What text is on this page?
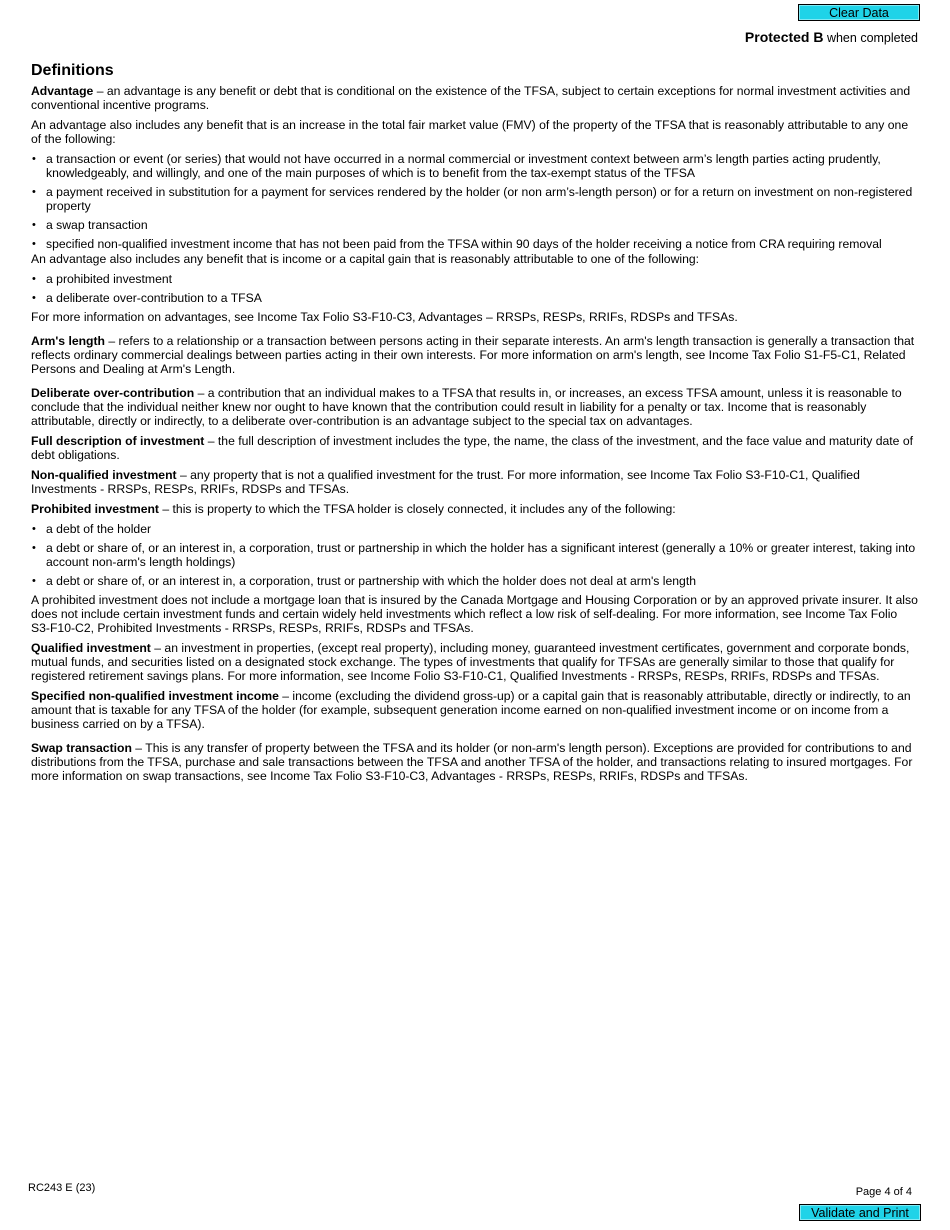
Clear Data
Protected B when completed
Definitions

Advantage – an advantage is any benefit or debt that is conditional on the existence of the TFSA, subject to certain exceptions for normal investment activities and conventional incentive programs.

An advantage also includes any benefit that is an increase in the total fair market value (FMV) of the property of the TFSA that is reasonably attributable to any one of the following:

• a transaction or event (or series) that would not have occurred in a normal commercial or investment context between arm’s length parties acting prudently, knowledgeably, and willingly, and one of the main purposes of which is to benefit from the tax-exempt status of the TFSA
• a payment received in substitution for a payment for services rendered by the holder (or non arm’s-length person) or for a return on investment on non-registered property
• a swap transaction
• specified non-qualified investment income that has not been paid from the TFSA within 90 days of the holder receiving a notice from CRA requiring removal

An advantage also includes any benefit that is income or a capital gain that is reasonably attributable to one of the following:

• a prohibited investment
• a deliberate over-contribution to a TFSA

For more information on advantages, see Income Tax Folio S3-F10-C3, Advantages – RRSPs, RESPs, RRIFs, RDSPs and TFSAs.

Arm's length – refers to a relationship or a transaction between persons acting in their separate interests. An arm's length transaction is generally a transaction that reflects ordinary commercial dealings between parties acting in their own interests. For more information on arm's length, see Income Tax Folio S1-F5-C1, Related Persons and Dealing at Arm's Length.

Deliberate over-contribution – a contribution that an individual makes to a TFSA that results in, or increases, an excess TFSA amount, unless it is reasonable to conclude that the individual neither knew nor ought to have known that the contribution could result in liability for a penalty or tax. Income that is reasonably attributable, directly or indirectly, to a deliberate over-contribution is an advantage subject to the special tax on advantages.

Full description of investment – the full description of investment includes the type, the name, the class of the investment, and the face value and maturity date of debt obligations.

Non-qualified investment – any property that is not a qualified investment for the trust. For more information, see Income Tax Folio S3-F10-C1, Qualified Investments - RRSPs, RESPs, RRIFs, RDSPs and TFSAs.

Prohibited investment – this is property to which the TFSA holder is closely connected, it includes any of the following:

• a debt of the holder
• a debt or share of, or an interest in, a corporation, trust or partnership in which the holder has a significant interest (generally a 10% or greater interest, taking into account non-arm's length holdings)
• a debt or share of, or an interest in, a corporation, trust or partnership with which the holder does not deal at arm's length

A prohibited investment does not include a mortgage loan that is insured by the Canada Mortgage and Housing Corporation or by an approved private insurer. It also does not include certain investment funds and certain widely held investments which reflect a low risk of self-dealing. For more information, see Income Tax Folio S3-F10-C2, Prohibited Investments - RRSPs, RESPs, RRIFs, RDSPs and TFSAs.

Qualified investment – an investment in properties, (except real property), including money, guaranteed investment certificates, government and corporate bonds, mutual funds, and securities listed on a designated stock exchange. The types of investments that qualify for TFSAs are generally similar to those that qualify for registered retirement savings plans. For more information, see Income Folio S3-F10-C1, Qualified Investments - RRSPs, RESPs, RRIFs, RDSPs and TFSAs.

Specified non-qualified investment income – income (excluding the dividend gross-up) or a capital gain that is reasonably attributable, directly or indirectly, to an amount that is taxable for any TFSA of the holder (for example, subsequent generation income earned on non-qualified investment income or on income from a business carried on by a TFSA).

Swap transaction – This is any transfer of property between the TFSA and its holder (or non-arm's length person). Exceptions are provided for contributions to and distributions from the TFSA, purchase and sale transactions between the TFSA and another TFSA of the holder, and transactions relating to insured mortgages. For more information on swap transactions, see Income Tax Folio S3-F10-C3, Advantages - RRSPs, RESPs, RRIFs, RDSPs and TFSAs.

RC243 E (23)	Page 4 of 4
Validate and Print
